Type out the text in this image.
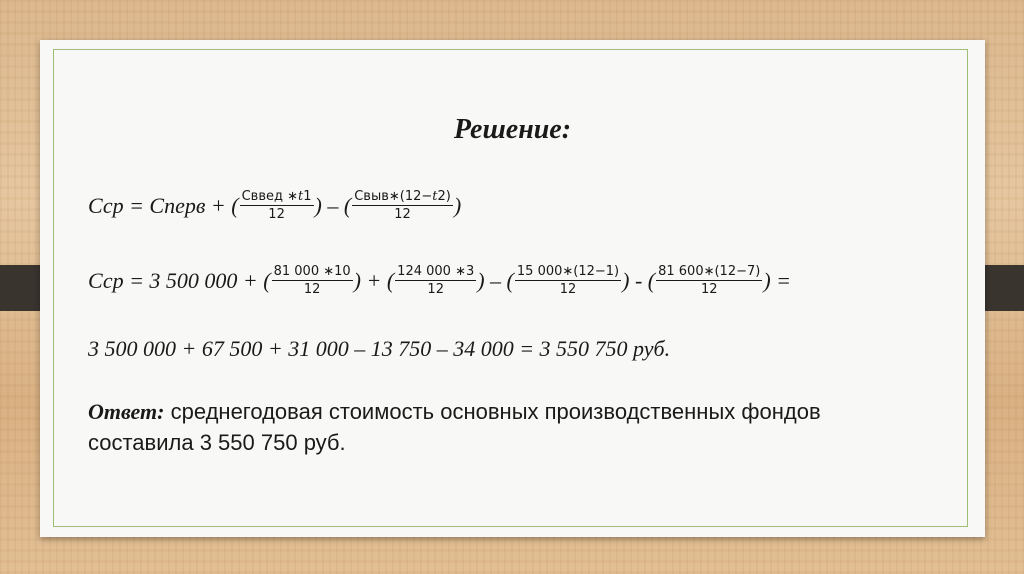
Решение:
Сср = Сперв + ( $\frac{\text{Сввед ∗t1}}{12}$ ) – ( $\frac{\text{Свыв∗(12−t2)}}{12}$ )
Сср = 3 500 000 + ( $\frac{81 000 ∗10}{12}$ ) + ( $\frac{124 000 ∗3}{12}$ ) – ( $\frac{15 000∗(12-1)}{12}$ ) - ( $\frac{81 600∗(12-7)}{12}$ ) =
3 500 000 + 67 500 + 31 000 – 13 750 – 34 000 = 3 550 750 руб.
Ответ: среднегодовая стоимость основных производственных фондов составила 3 550 750 руб.
